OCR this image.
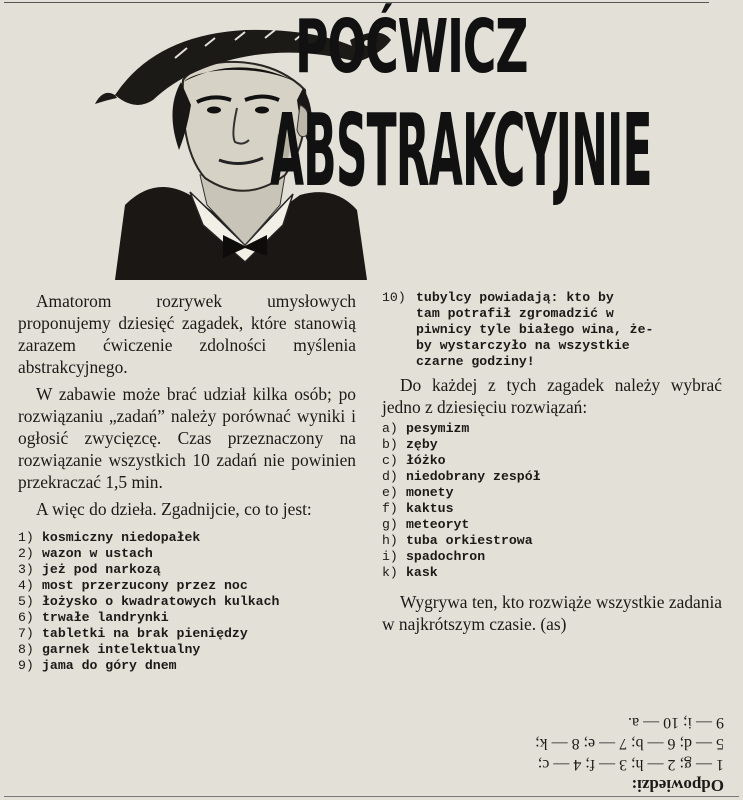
POĆWICZ
ABSTRAKCYJNIE

Amatorom rozrywek umysłowych proponujemy dziesięć zagadek, które stanowią zarazem ćwiczenie zdolności myślenia abstrakcyjnego.

W zabawie może brać udział kilka osób; po rozwiązaniu „zadań” należy porównać wyniki i ogłosić zwycięzcę. Czas przeznaczony na rozwiązanie wszystkich 10 zadań nie powinien przekraczać 1,5 min.

A więc do dzieła. Zgadnijcie, co to jest:

1) kosmiczny niedopałek
2) wazon w ustach
3) jeż pod narkozą
4) most przerzucony przez noc
5) łożysko o kwadratowych kulkach
6) trwałe landrynki
7) tabletki na brak pieniędzy
8) garnek intelektualny
9) jama do góry dnem
10) tubylcy powiadają: kto by
tam potrafił zgromadzić w
piwnicy tyle białego wina, że-
by wystarczyło na wszystkie
czarne godziny!

Do każdej z tych zagadek należy wybrać jedno z dziesięciu rozwiązań:

a) pesymizm
b) zęby
c) łóżko
d) niedobrany zespół
e) monety
f) kaktus
g) meteoryt
h) tuba orkiestrowa
i) spadochron
k) kask

Wygrywa ten, kto rozwiąże wszystkie zadania w najkrótszym czasie. (as)

Odpowiedzi:
1 — g; 2 — h; 3 — f; 4 — c;
5 — d; 6 — b; 7 — e; 8 — k;
9 — i; 10 — a.
